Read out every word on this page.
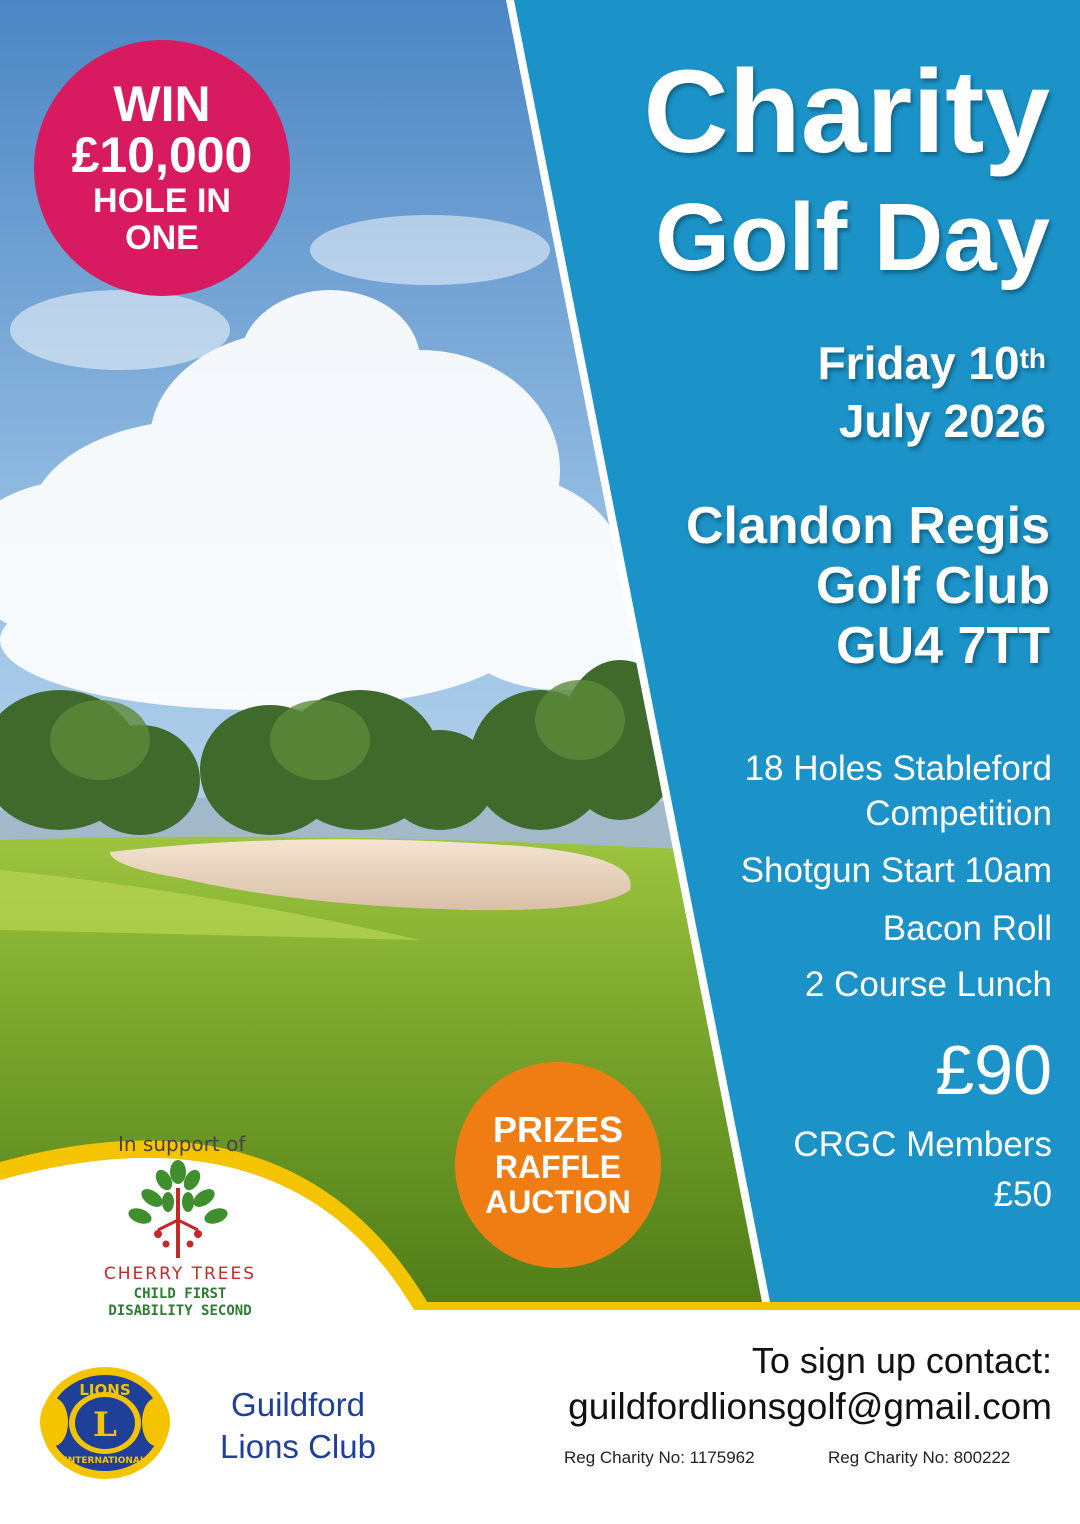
Charity
Golf Day
Friday 10th
July 2026
Clandon Regis
Golf Club
GU4 7TT
18 Holes Stableford
Competition
Shotgun Start 10am
Bacon Roll
2 Course Lunch
£90
CRGC Members
£50
WIN
£10,000
HOLE IN
ONE
PRIZES
RAFFLE
AUCTION
In support of
CHERRY TREES
CHILD FIRST
DISABILITY SECOND
LIONS
L
INTERNATIONAL
Guildford
Lions Club
To sign up contact:
guildfordlionsgolf@gmail.com
Reg Charity No: 1175962	Reg Charity No: 800222
